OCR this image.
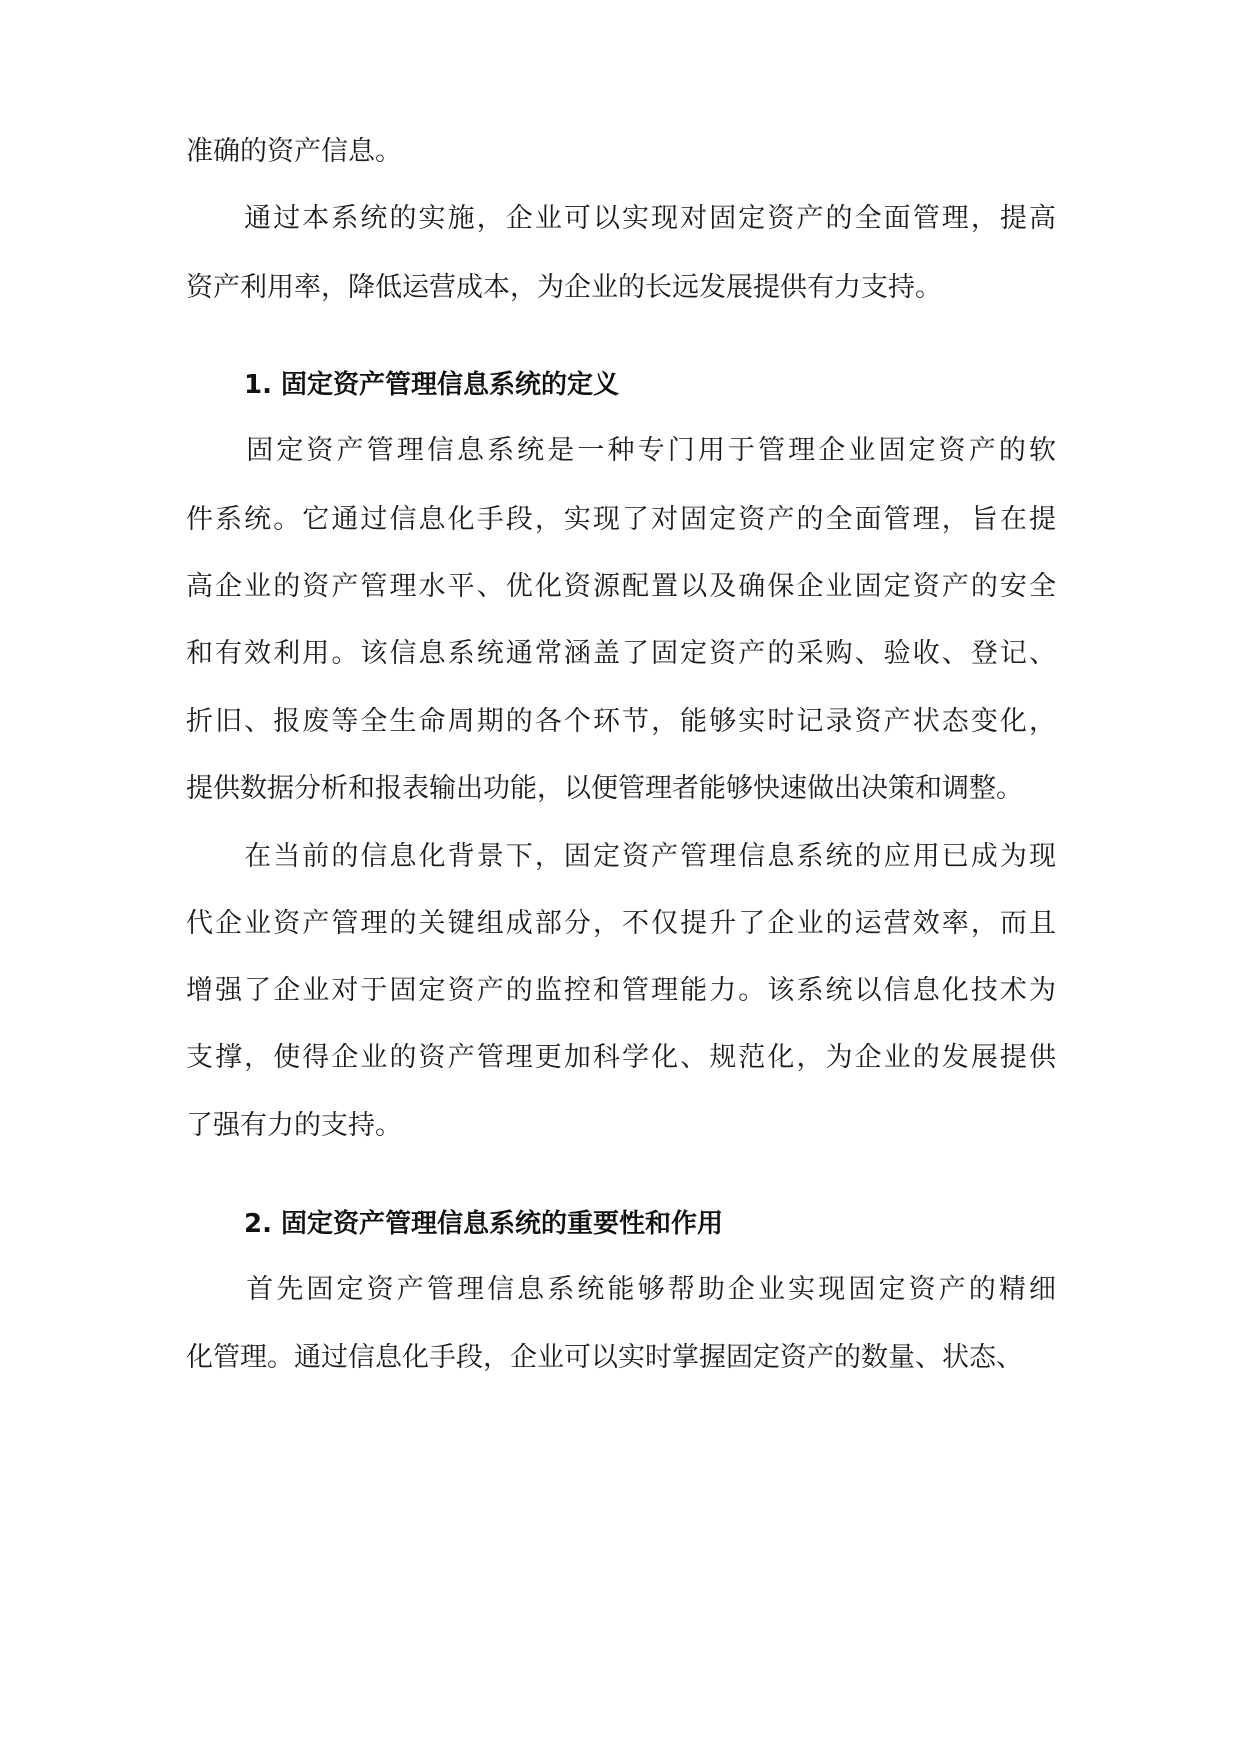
准确的资产信息。
　　通过本系统的实施，企业可以实现对固定资产的全面管理，提高
资产利用率，降低运营成本，为企业的长远发展提供有力支持。
1. 固定资产管理信息系统的定义
　　固定资产管理信息系统是一种专门用于管理企业固定资产的软
件系统。它通过信息化手段，实现了对固定资产的全面管理，旨在提
高企业的资产管理水平、优化资源配置以及确保企业固定资产的安全
和有效利用。该信息系统通常涵盖了固定资产的采购、验收、登记、
折旧、报废等全生命周期的各个环节，能够实时记录资产状态变化，
提供数据分析和报表输出功能，以便管理者能够快速做出决策和调整。
　　在当前的信息化背景下，固定资产管理信息系统的应用已成为现
代企业资产管理的关键组成部分，不仅提升了企业的运营效率，而且
增强了企业对于固定资产的监控和管理能力。该系统以信息化技术为
支撑，使得企业的资产管理更加科学化、规范化，为企业的发展提供
了强有力的支持。
2. 固定资产管理信息系统的重要性和作用
　　首先固定资产管理信息系统能够帮助企业实现固定资产的精细
化管理。通过信息化手段，企业可以实时掌握固定资产的数量、状态、
